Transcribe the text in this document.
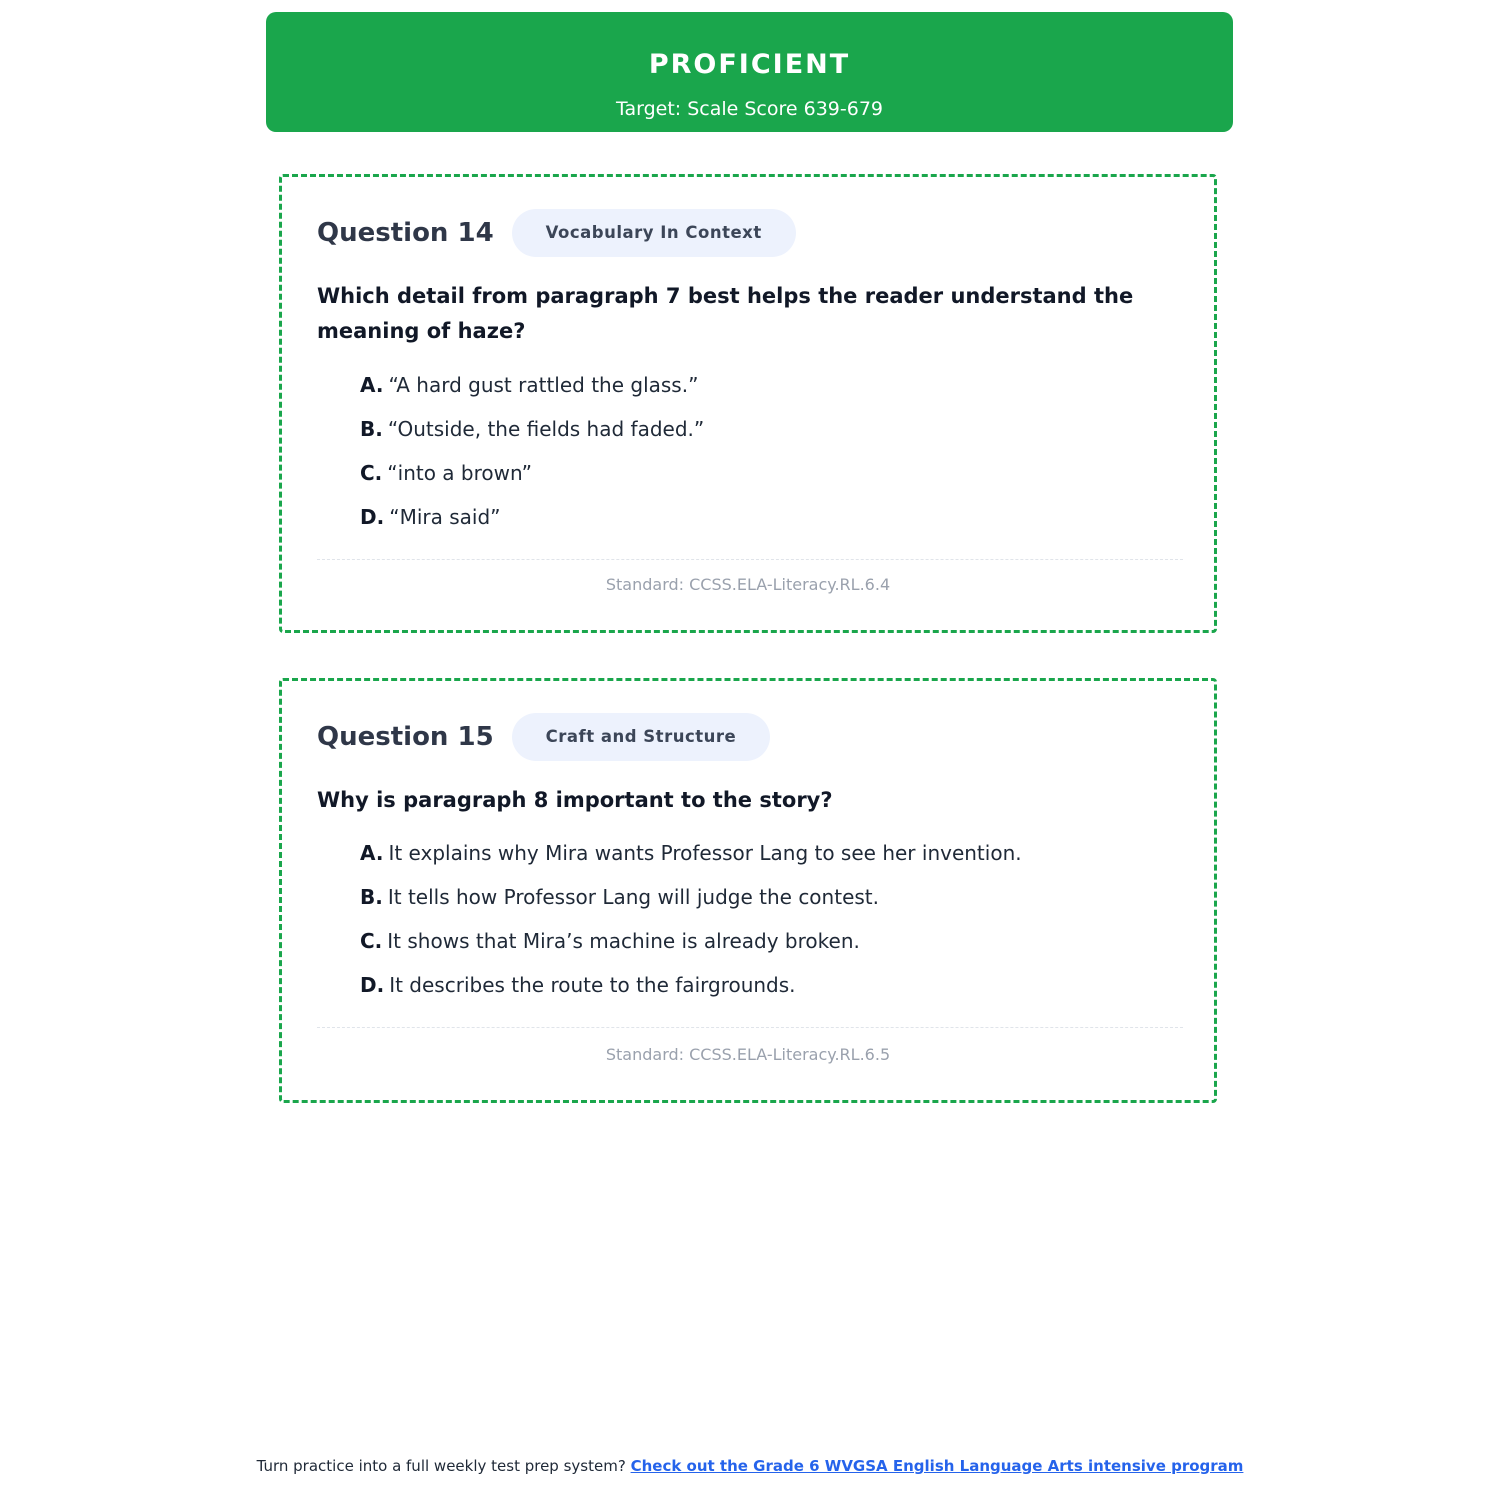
PROFICIENT
Target: Scale Score 639-679
Question 14	Vocabulary In Context
Which detail from paragraph 7 best helps the reader understand the meaning of haze?
A. “A hard gust rattled the glass.”
B. “Outside, the fields had faded.”
C. “into a brown”
D. “Mira said”
Standard: CCSS.ELA-Literacy.RL.6.4
Question 15	Craft and Structure
Why is paragraph 8 important to the story?
A. It explains why Mira wants Professor Lang to see her invention.
B. It tells how Professor Lang will judge the contest.
C. It shows that Mira’s machine is already broken.
D. It describes the route to the fairgrounds.
Standard: CCSS.ELA-Literacy.RL.6.5
Turn practice into a full weekly test prep system? Check out the Grade 6 WVGSA English Language Arts intensive program
